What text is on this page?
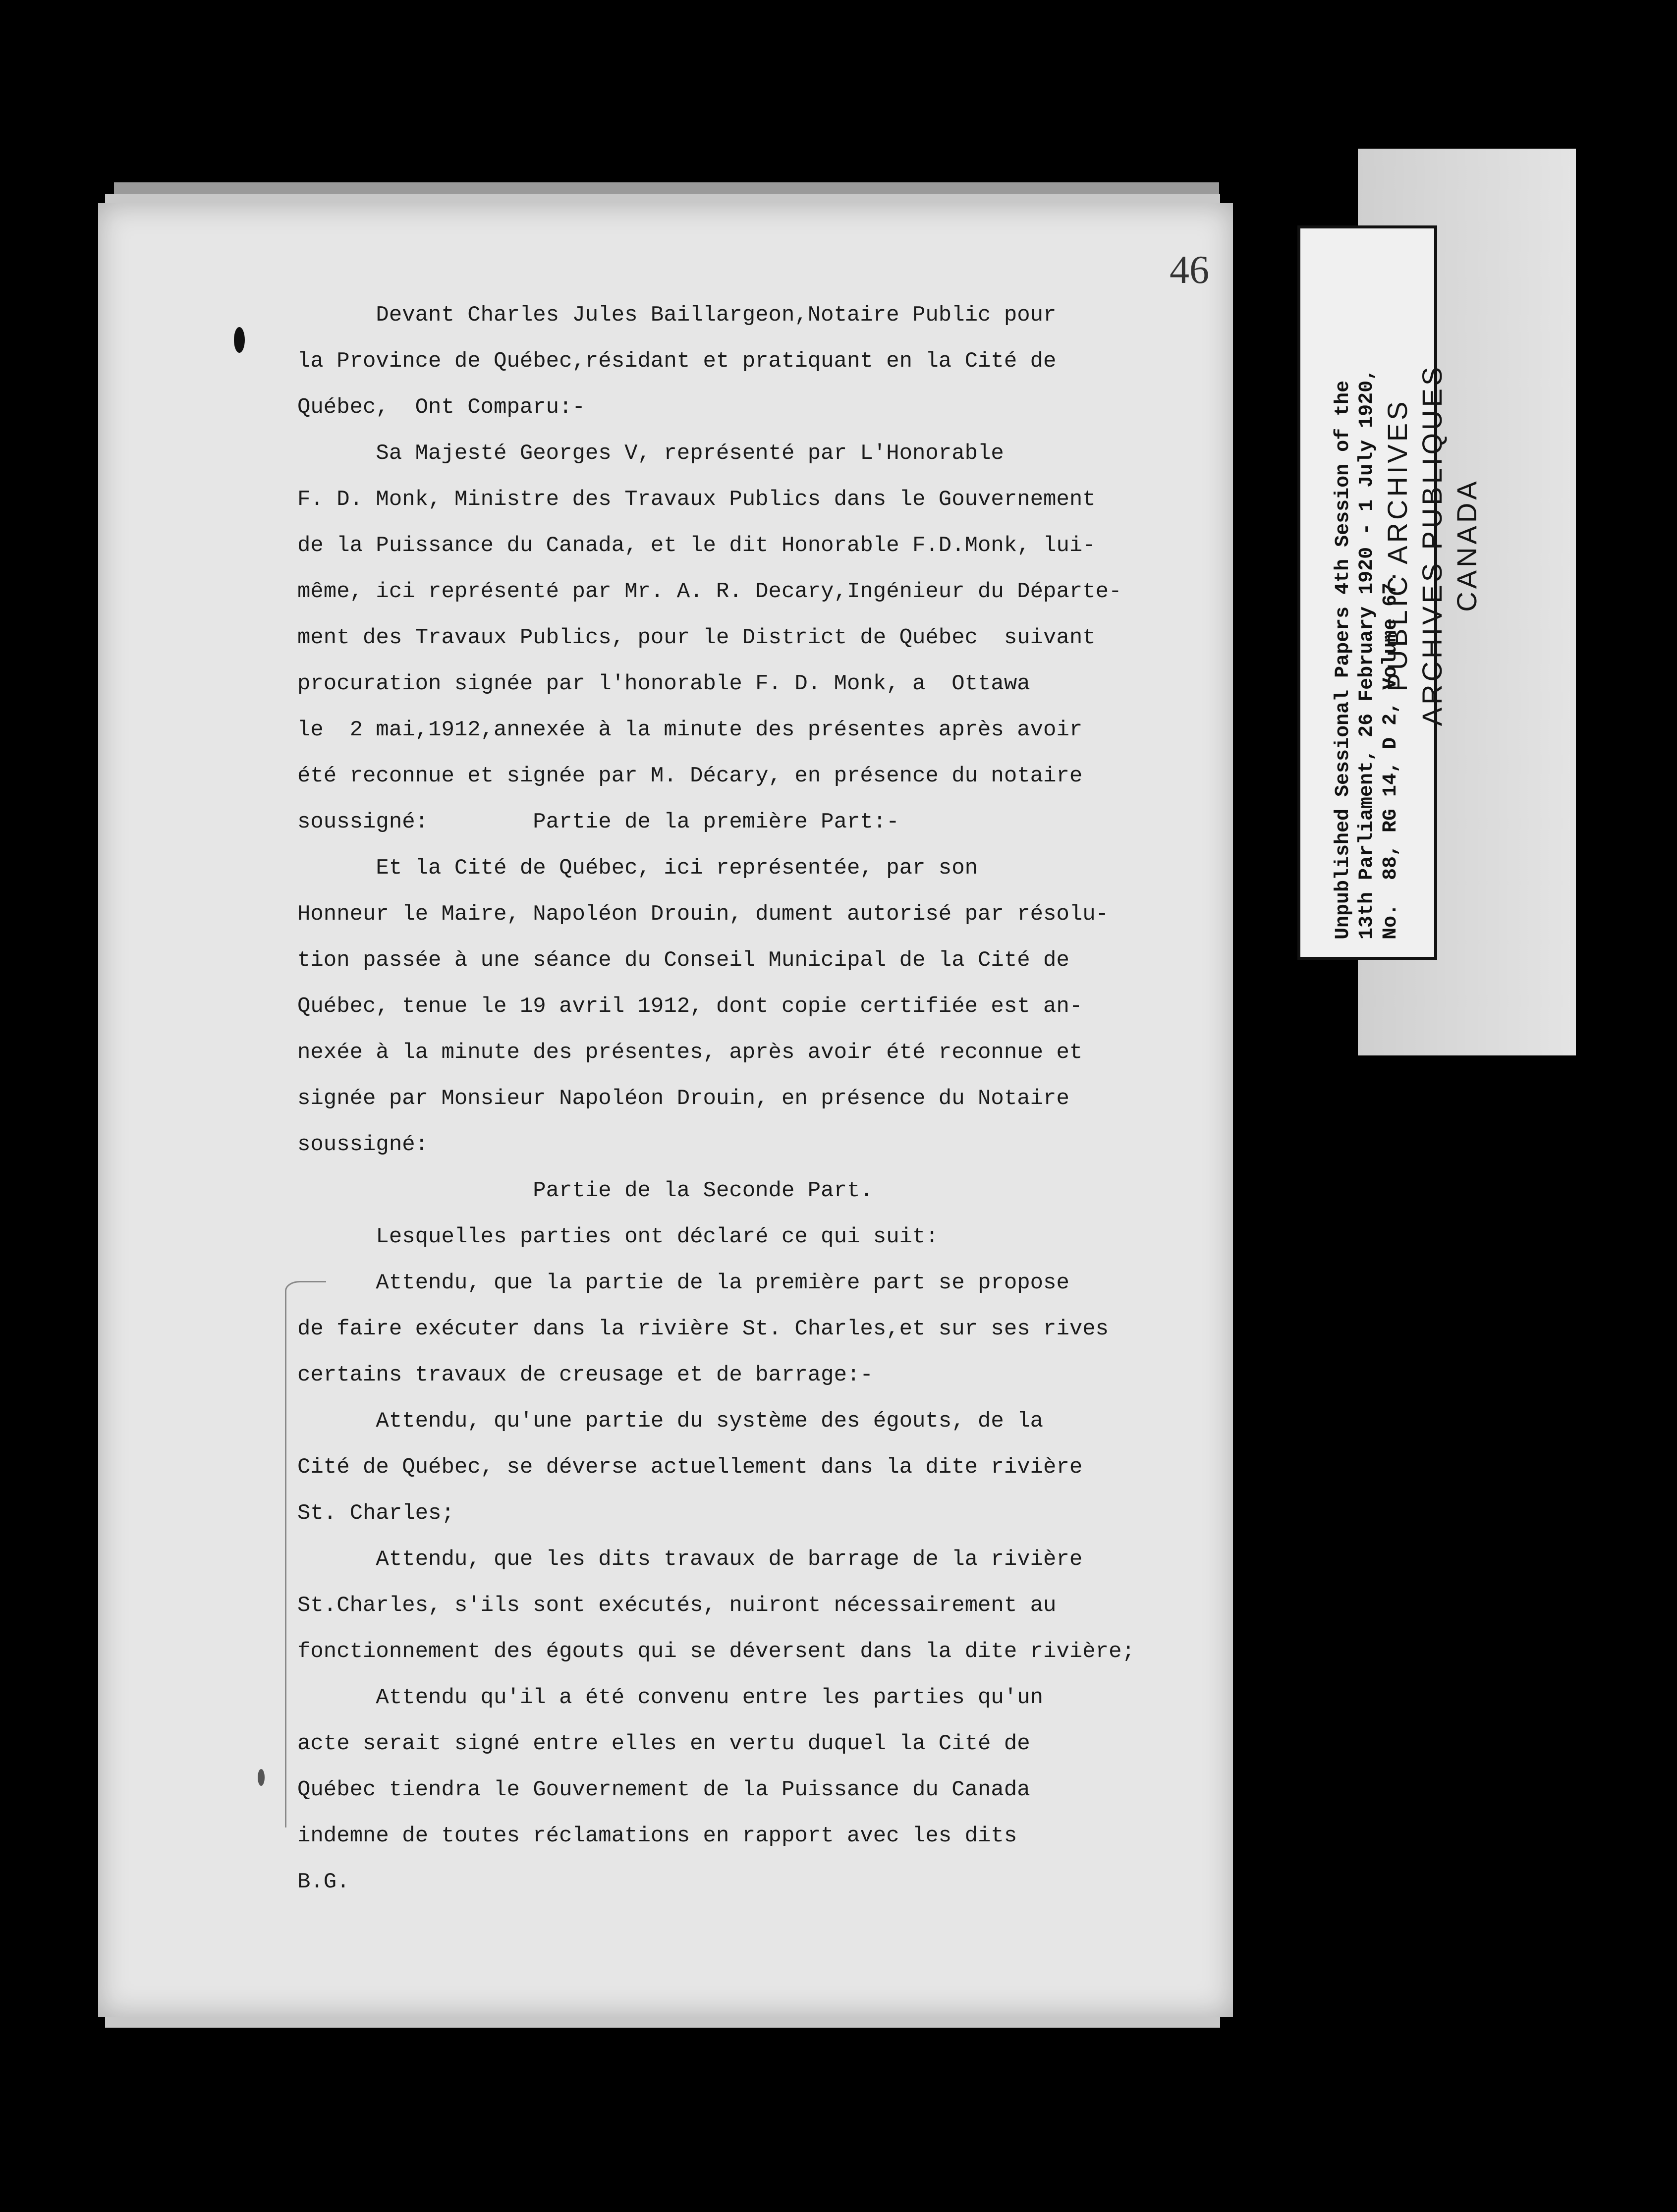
46
Devant Charles Jules Baillargeon,Notaire Public pour
la Province de Québec,résidant et pratiquant en la Cité de
Québec,  Ont Comparu:-
Sa Majesté Georges V, représenté par L'Honorable
F. D. Monk, Ministre des Travaux Publics dans le Gouvernement
de la Puissance du Canada, et le dit Honorable F.D.Monk, lui-
même, ici représenté par Mr. A. R. Decary,Ingénieur du Départe-
ment des Travaux Publics, pour le District de Québec  suivant
procuration signée par l'honorable F. D. Monk, a  Ottawa
le  2 mai,1912,annexée à la minute des présentes après avoir
été reconnue et signée par M. Décary, en présence du notaire
soussigné:        Partie de la première Part:-
Et la Cité de Québec, ici représentée, par son
Honneur le Maire, Napoléon Drouin, dument autorisé par résolu-
tion passée à une séance du Conseil Municipal de la Cité de
Québec, tenue le 19 avril 1912, dont copie certifiée est an-
nexée à la minute des présentes, après avoir été reconnue et
signée par Monsieur Napoléon Drouin, en présence du Notaire
soussigné:
Partie de la Seconde Part.
Lesquelles parties ont déclaré ce qui suit:
Attendu, que la partie de la première part se propose
de faire exécuter dans la rivière St. Charles,et sur ses rives
certains travaux de creusage et de barrage:-
Attendu, qu'une partie du système des égouts, de la
Cité de Québec, se déverse actuellement dans la dite rivière
St. Charles;
Attendu, que les dits travaux de barrage de la rivière
St.Charles, s'ils sont exécutés, nuiront nécessairement au
fonctionnement des égouts qui se déversent dans la dite rivière;
Attendu qu'il a été convenu entre les parties qu'un
acte serait signé entre elles en vertu duquel la Cité de
Québec tiendra le Gouvernement de la Puissance du Canada
indemne de toutes réclamations en rapport avec les dits
B.G.
Unpublished Sessional Papers 4th Session of the 13th Parliament, 26 February 1920 - 1 July 1920, No.  88, RG 14, D 2, Volume 67.
PUBLIC ARCHIVES ARCHIVES PUBLIQUES CANADA
